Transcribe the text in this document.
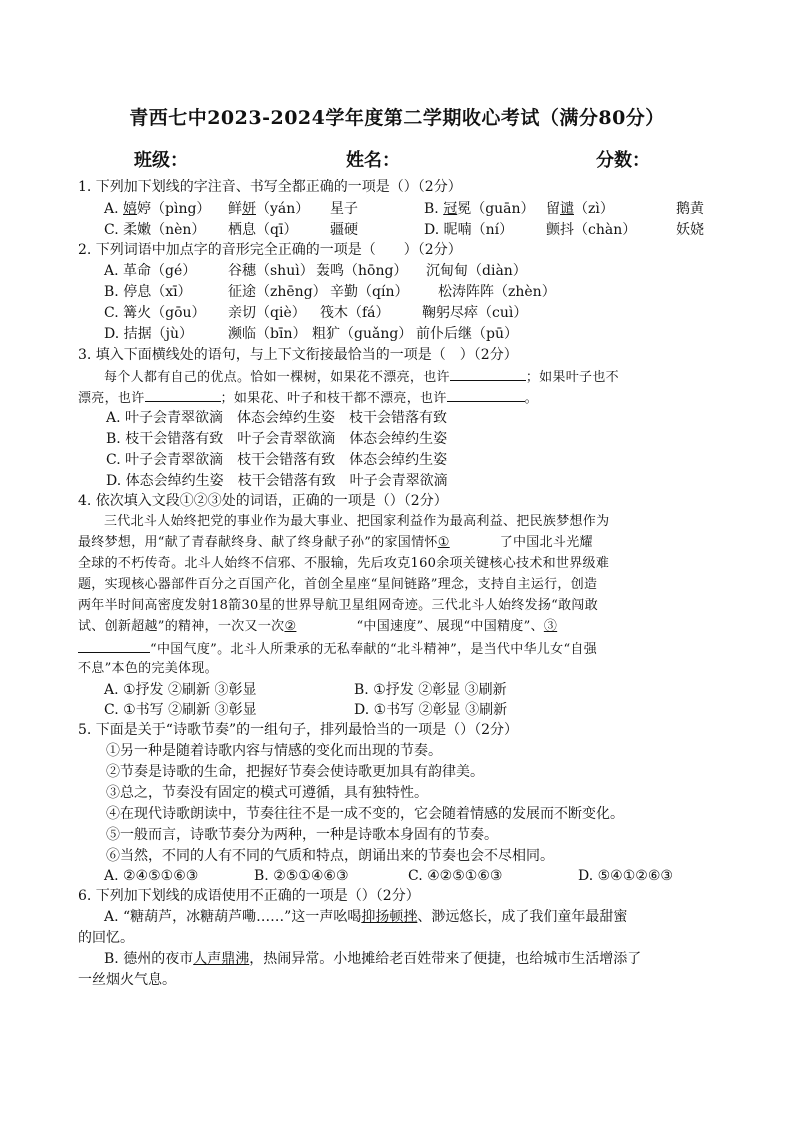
青西七中2023-2024学年度第二学期收心考试（满分80分）
班级：	姓名：	分数：
1. 下列加下划线的字注音、书写全都正确的一项是（）（2分）
A. 嬉婷（pìng） 鲜妍（yán） 星子	B. 冠冕（guān） 留谴（zì）	鹅黄
C. 柔嫩（nèn） 栖息（qī） 疆硬	D. 昵喃（ní） 颤抖（chàn）	妖娆
2. 下列词语中加点字的音形完全正确的一项是（　　）（2分）
A. 革命（gé） 谷穗（shuì） 轰鸣（hōng） 沉甸甸（diàn）
B. 停息（xī）	征途（zhēng） 辛勤（qín） 松涛阵阵（zhèn）
C. 篝火（gōu） 亲切（qiè） 筏木（fá） 鞠躬尽瘁（cuì）
D. 拮据（jù）	濒临（bīn） 粗犷（guǎng） 前仆后继（pū）
3. 填入下面横线处的语句，与上下文衔接最恰当的一项是（　）（2分）
每个人都有自己的优点。恰如一棵树，如果花不漂亮，也许	；如果叶子也不
漂亮，也许	；如果花、叶子和枝干都不漂亮，也许	。
A. 叶子会青翠欲滴　体态会绰约生姿　枝干会错落有致
B. 枝干会错落有致　叶子会青翠欲滴　体态会绰约生姿
C. 叶子会青翠欲滴　枝干会错落有致　体态会绰约生姿
D. 体态会绰约生姿　枝干会错落有致　叶子会青翠欲滴
4. 依次填入文段①②③处的词语，正确的一项是（）（2分）
三代北斗人始终把党的事业作为最大事业、把国家利益作为最高利益、把民族梦想作为
最终梦想，用“献了青春献终身、献了终身献子孙”的家国情怀①	了中国北斗光耀
全球的不朽传奇。北斗人始终不信邪、不服输，先后攻克160余项关键核心技术和世界级难
题，实现核心器部件百分之百国产化，首创全星座“星间链路”理念，支持自主运行，创造
两年半时间高密度发射18箭30星的世界导航卫星组网奇迹。三代北斗人始终发扬“敢闯敢
试、创新超越”的精神，一次又一次②	“中国速度”、展现“中国精度”、③
“中国气度”。北斗人所秉承的无私奉献的“北斗精神”，是当代中华儿女“自强
不息”本色的完美体现。
A. ①抒发 ②刷新 ③彰显	B. ①抒发 ②彰显 ③刷新
C. ①书写 ②刷新 ③彰显	D. ①书写 ②彰显 ③刷新
5. 下面是关于“诗歌节奏”的一组句子，排列最恰当的一项是（）（2分）
①另一种是随着诗歌内容与情感的变化而出现的节奏。
②节奏是诗歌的生命，把握好节奏会使诗歌更加具有韵律美。
③总之，节奏没有固定的模式可遵循，具有独特性。
④在现代诗歌朗读中，节奏往往不是一成不变的，它会随着情感的发展而不断变化。
⑤一般而言，诗歌节奏分为两种，一种是诗歌本身固有的节奏。
⑥当然，不同的人有不同的气质和特点，朗诵出来的节奏也会不尽相同。
A. ②④⑤①⑥③	B. ②⑤①④⑥③	C. ④②⑤①⑥③	D. ⑤④①②⑥③
6. 下列加下划线的成语使用不正确的一项是（）（2分）
A. “糖葫芦，冰糖葫芦嘞……”这一声吆喝抑扬顿挫、渺远悠长，成了我们童年最甜蜜
的回忆。
B. 德州的夜市人声鼎沸，热闹异常。小地摊给老百姓带来了便捷，也给城市生活增添了
一丝烟火气息。
